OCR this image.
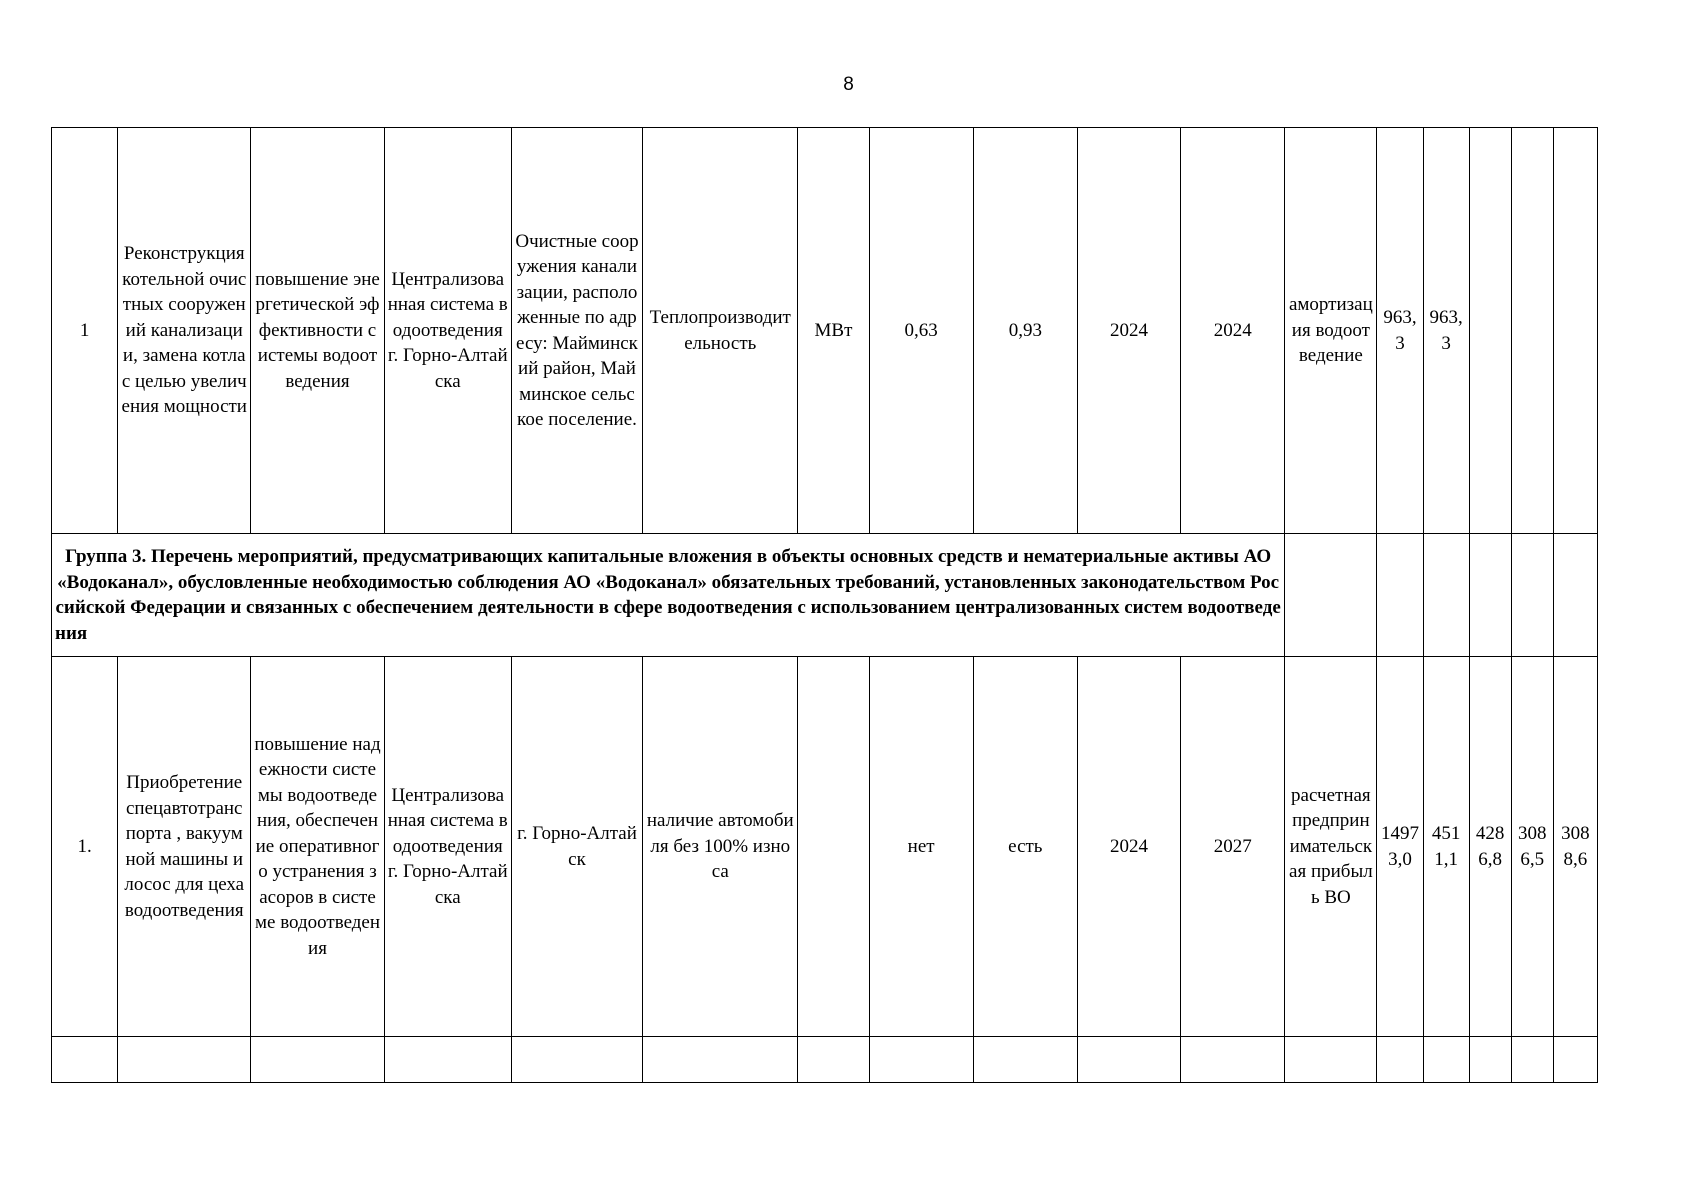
8
1	Реконструкция котельной очистных сооружений канализации, замена котла с целью увеличения мощности	повышение энергетической эффективности системы водоотведения	Централизованная система водоотведения г. Горно-Алтайска	Очистные сооружения канализации, расположенные по адресу: Майминский район, Майминское сельское поселение.	Теплопроизводительность	МВт	0,63	0,93	2024	2024	амортизация водоотведение	963,3	963,3			
Группа 3. Перечень мероприятий, предусматривающих капитальные вложения в объекты основных средств и нематериальные активы АО «Водоканал», обусловленные необходимостью соблюдения АО «Водоканал» обязательных требований, установленных законодательством Российской Федерации и связанных с обеспечением деятельности в сфере водоотведения с использованием централизованных систем водоотведения																
1.	Приобретение спецавтотранспорта , вакуумной машины илосос для цеха водоотведения	повышение надежности системы водоотведения, обеспечение оперативного устранения засоров в системе водоотведения	Централизованная система водоотведения г. Горно-Алтайска	г. Горно-Алтайск	наличие автомобиля без 100% износа		нет	есть	2024	2027	расчетная предпринимательская прибыль ВО	14973,0	4511,1	4286,8	3086,5	3088,6
